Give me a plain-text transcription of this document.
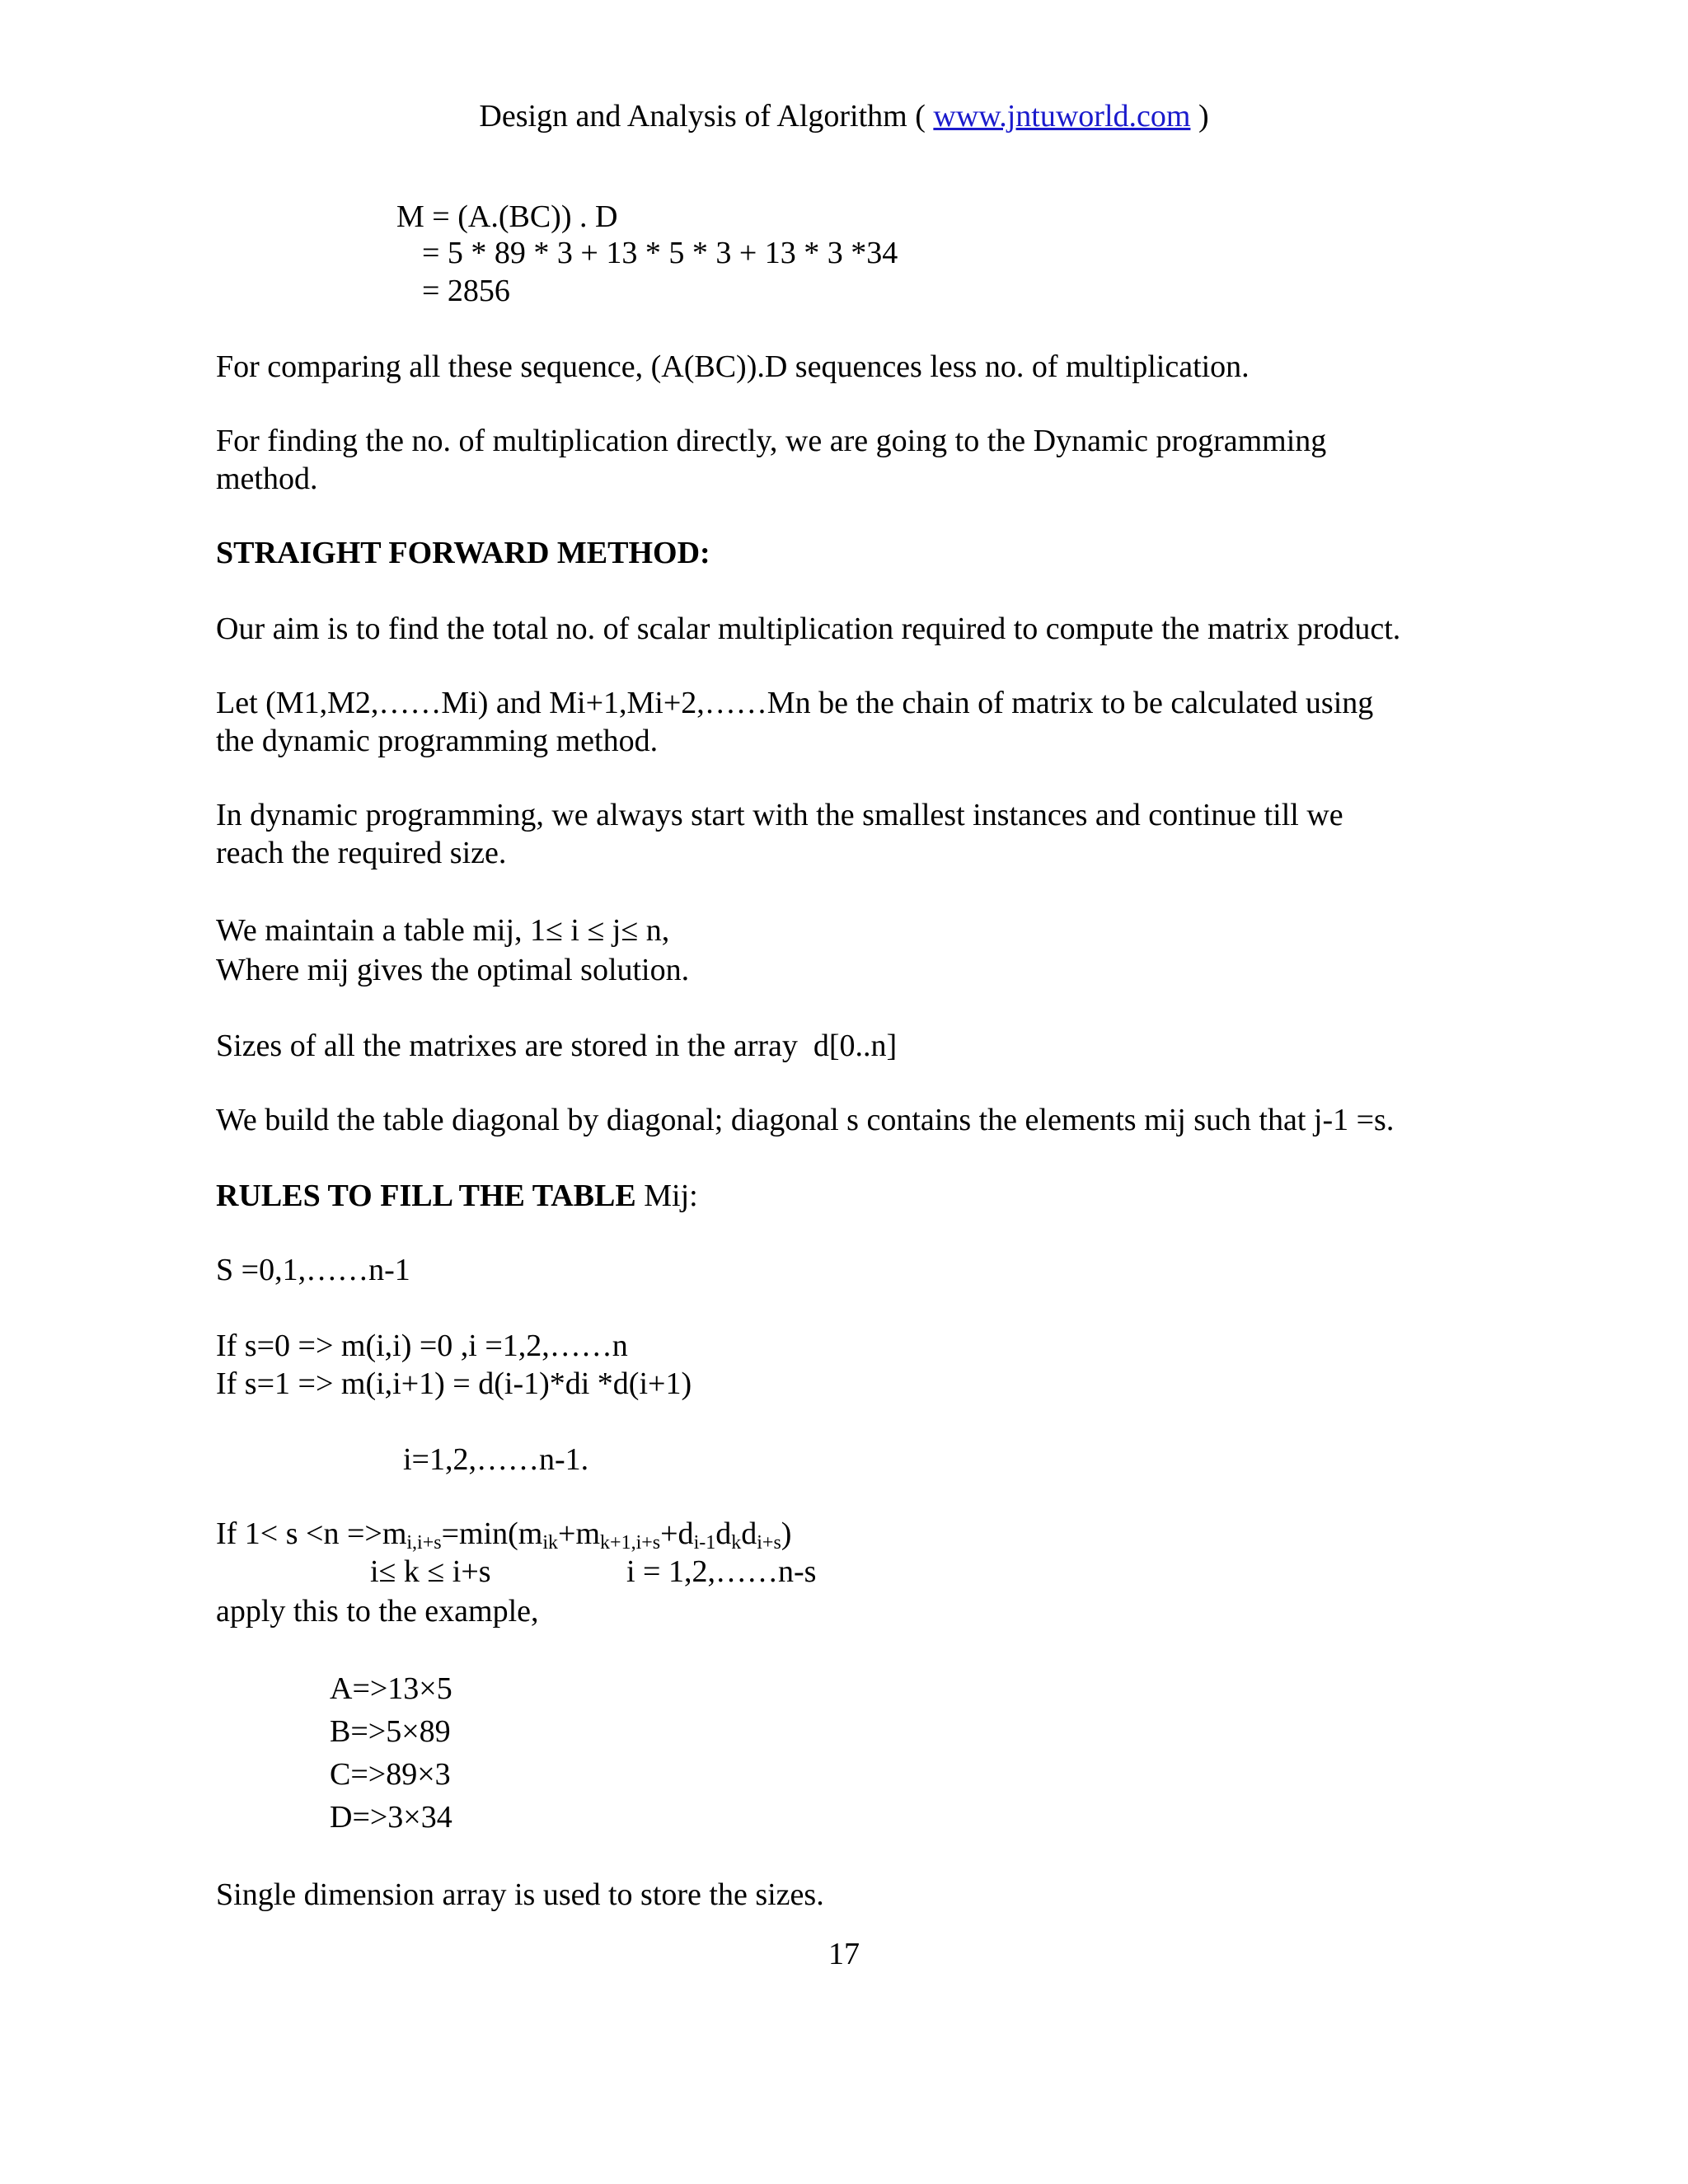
Design and Analysis of Algorithm ( www.jntuworld.com )
M = (A.(BC)) . D
= 5 * 89 * 3 + 13 * 5 * 3 + 13 * 3 *34
= 2856
For comparing all these sequence, (A(BC)).D sequences less no. of multiplication.
For finding the no. of multiplication directly, we are going to the Dynamic programming
method.
STRAIGHT FORWARD METHOD:
Our aim is to find the total no. of scalar multiplication required to compute the matrix product.
Let (M1,M2,……Mi) and Mi+1,Mi+2,……Mn be the chain of matrix to be calculated using
the dynamic programming method.
In dynamic programming, we always start with the smallest instances and continue till we
reach the required size.
We maintain a table mij, 1≤ i ≤ j≤ n,
Where mij gives the optimal solution.
Sizes of all the matrixes are stored in the array  d[0..n]
We build the table diagonal by diagonal; diagonal s contains the elements mij such that j-1 =s.
RULES TO FILL THE TABLE Mij:
S =0,1,……n-1
If s=0 => m(i,i) =0 ,i =1,2,……n
If s=1 => m(i,i+1) = d(i-1)*di *d(i+1)
i=1,2,……n-1.
If $1< s <n =>m_{i,i+s}=\min(m_{ik}+m_{k+1,i+s}+d_{i-1}d_kd_{i+s})$
i≤ k ≤ i+s	i = 1,2,……n-s
apply this to the example,
A=>13×5
B=>5×89
C=>89×3
D=>3×34
Single dimension array is used to store the sizes.
17
